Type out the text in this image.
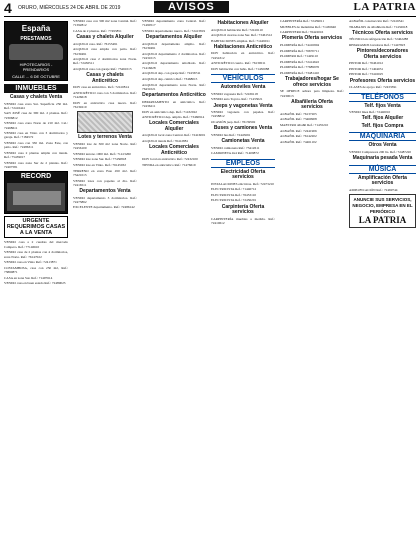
4 ORURO, MIÉRCOLES 24 DE ABRIL DE 2019	AVISOS	LA PATRIA
España
PRESTAMOS
HIPOTECARIOS - PRENDARIOS
CALLE ... 6 DE OCTUBRE
INMUEBLES
Casas y chalets Venta

VENDO casa zona Sur. Superficie 250 m2. Ref.: 72416441

SAN JOSÉ casa de 390 m2. 2 plantas. Ref.: 72306812

VENDO casa zona Norte de 210 m2. Cel.: 72468611

VENDO casa en Vinto con 3 dormitorios y garaje. Ref.: 7184572

VENDO casa con 330 m2. Zona Este, con patio. Ref.: 72486311

VENDO casa 2 plantas amplia con tienda. Ref.: 75439017

VENDO casa zona Sur de 2 plantas. Ref.: 72407581

RECORD
URGENTE REQUERIMOS CASAS A LA VENTA

VENDO casa a 2 cuadras del mercado Campero. Ref.: 77146610

VENDO casa de 2 plantas con 4 dormitorios, zona Norte. Ref.: 76147022

VENDO casa en Vinto Ref.: 72413871

COSTAMBOSA, casa con 250 m2, Ref.: 73860871

CASA en zona Sur. Ref.: 71497614

VENDO casa en buen estado Ref.: 72489023

VENDO casa con 300 m2 zona Central. Ref.: 71392812

CASA de 2 plantas. Ref.: 77493851

Casas y chalets Alquiler

ALQUILO casa. Ref.: 76153491

ALQUILO casa amplia con patio. Ref.: 76139491

ALQUILO casa 2 dormitorios zona Norte. Ref.: 72436511

ALQUILO casa con garaje Ref.: 73461015

Casas y chalets Anticrético

DOY casa en anticrético. Ref.: 72410814

ANTICRÉTICO casa con 3 dormitorios. Ref.: 71426618

DOY en anticrético casa nueva. Ref.: 76139210

Lotes y terrenos Venta

VENDO lote de 300 m2 zona Norte. Ref.: 72456100

VENDO terreno 1000 m2. Ref.: 71413260

VENDO lote zona Sur. Ref.: 77436818

VENDO lote en Vinto. Ref.: 76145032

TERRENO en zona Este 450 m2. Ref.: 73421015

VENDO lotes con papeles al día. Ref.: 72416511

Departamentos Venta

VENDO departamento 3 dormitorios. Ref.: 72473862

EXCELENTE departamento. Ref.: 72486142

VENDO departamento zona Central. Ref.: 71490517

VENDO departamento nuevo. Ref.: 72413819

Departamentos Alquiler

ALQUILO departamento amplio. Ref.: 76139491

ALQUILO departamento 2 dormitorios. Ref.: 72431015

ALQUILO departamento amoblado. Ref.: 71416628

ALQUILO dep. con garaje Ref.: 72436741

ALQUILO dep. céntrico Ref.: 73468015

ALQUILO departamento zona Norte. Ref.: 76431021

Departamentos Anticrético

DEPARTAMENTO en anticrético. Ref.: 72436211

DOY en anticrético dep. Ref.: 71432022

ANTICRÉTICO dep. amplio. Ref.: 73460914

Locales Comerciales Alquiler

ALQUILO local zona Central. Ref.: 72416001

ALQUILO tienda Ref.: 76412881

Locales Comerciales Anticrético

DOY local en anticrético Ref.: 72432100

TIENDA en anticrético Ref.: 71476619

Habitaciones Alquiler

ALQUILO habitación Ref.: 72416110

ALQUILO cuartos zona Sur. Ref.: 73461512

HABITACIONES amplias. Ref.: 71449011

Habitaciones Anticrético

DOY habitación en anticrético. Ref.: 72454312

ANTICRÉTICO cuarto. Ref.: 76130011

DOY habitación con baño. Ref.: 71430088

VEHÍCULOS
Automóviles Venta

VENDO vagoneta Ref.: 72436118

VENDO auto Toyota. Ref.: 71433021

Jeeps y vagonetas Venta

VENDO vagoneta con papeles. Ref.: 72458812

OCASIÓN jeep. Ref.: 76139502

Buses y camiones Venta

VENDO bus Ref.: 72445691

Camionetas Venta

VENDO camioneta Ref.: 73412611

CAMIONETA 4x4 Ref.: 71409872

EMPLEOS
Electricidad Oferta servicios

INSTALACIONES eléctricas. Ref.: 72473210

ELECTRICISTA Ref.: 71446712

ELECTRICISTA Ref.: 76453110

ELECTRICISTA Ref.: 72456201

Carpintería Oferta servicios

CARPINTERÍA muebles a medida. Ref.: 72410612

CARPINTERÍA Ref.: 72439011

MUEBLES de melamina Ref.: 71436640

CARPINTERO Ref.: 76422016

Plomería Oferta servicios

PLOMERÍA Ref.: 74416904

PLOMERÍA Ref.: 76670711

PLOMERO Ref.: 71429110

PLOMERÍA Ref.: 72414622

PLOMERÍA Ref.: 77689976

PLOMERÍA Ref.: 73481410

Trabajadores/hogar Se ofrece servicios

SE OFRECE señora para limpieza. Ref.: 72430013

Albañilería Oferta servicios

ALBAÑIL Ref.: 76137205

ALBAÑIL Ref.: 73460908

MAESTRO albañil Ref.: 71435210

ALBAÑIL Ref.: 72441906

ALBAÑIL Ref.: 76142202

ALBAÑIL Ref.: 74461102

ALBAÑIL construcción Ref.: 72416541

TRABAJOS de albañilería Ref.: 71432618

Técnicos Oferta servicios

TÉCNICO en refrigeración Ref.: 72462288

REPARAMOS lavadoras Ref.: 71447823

Pintores/decoradores Oferta servicios

PINTOR Ref.: 76461012

PINTOR Ref.: 71404031

PINTOR Ref.: 73416025

Profesores Oferta servicios

CLASES de apoyo Ref.: 72433391

TELÉFONOS
Telf. fijos Venta

VENDO línea Ref.: 72440010

Telf. fijos Alquiler
Telf. fijos Compra
MAQUINARIA
Otros Venta

VENDO Compresora 200 lts. Ref.: 72487220

Maquinaria pesada Venta
MÚSICA
Amplificación Oferta servicios

AMPLIFICACIÓN Ref.: 72469744

ANUNCIE SUS SERVICIOS, NEGOCIO, EMPRESA EN EL PERIÓDICO
LA PATRIA
